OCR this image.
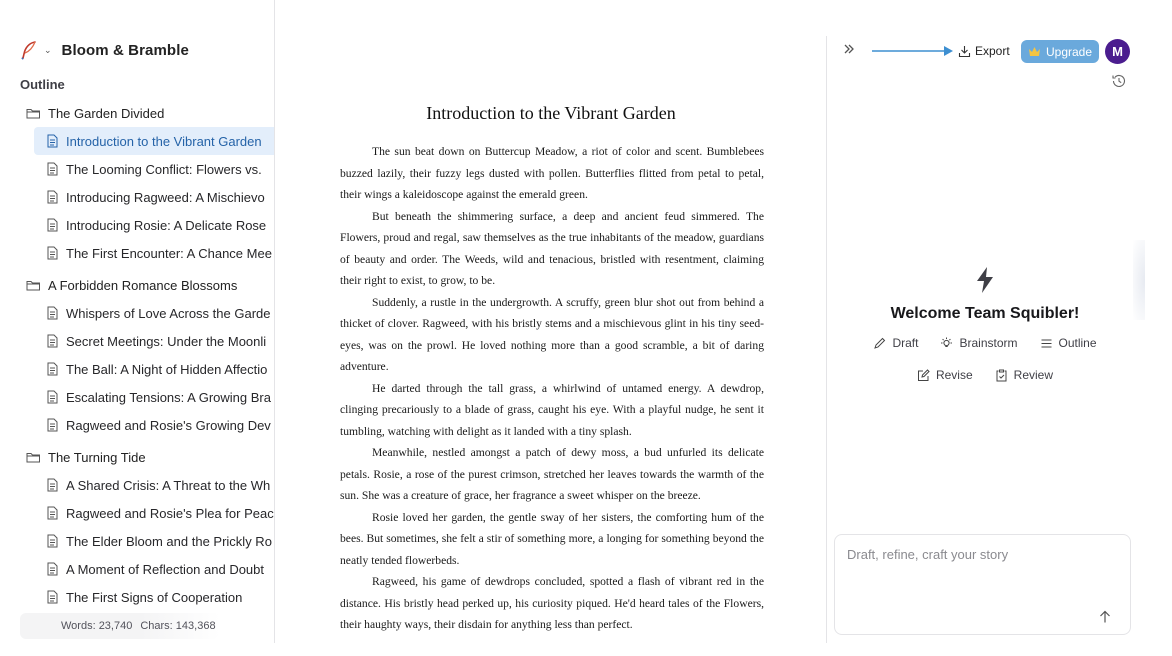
⌄ Bloom & Bramble
Outline
The Garden Divided
Introduction to the Vibrant Garden
The Looming Conflict: Flowers vs.
Introducing Ragweed: A Mischievo
Introducing Rosie: A Delicate Rose
The First Encounter: A Chance Mee
A Forbidden Romance Blossoms
Whispers of Love Across the Garde
Secret Meetings: Under the Moonli
The Ball: A Night of Hidden Affectio
Escalating Tensions: A Growing Bra
Ragweed and Rosie's Growing Dev
The Turning Tide
A Shared Crisis: A Threat to the Wh
Ragweed and Rosie's Plea for Peac
The Elder Bloom and the Prickly Ro
A Moment of Reflection and Doubt
The First Signs of Cooperation
Words: 23,740 Chars: 143,368
Introduction to the Vibrant Garden

The sun beat down on Buttercup Meadow, a riot of color and scent. Bumblebees buzzed lazily, their fuzzy legs dusted with pollen. Butterflies flitted from petal to petal, their wings a kaleidoscope against the emerald green.

But beneath the shimmering surface, a deep and ancient feud simmered. The Flowers, proud and regal, saw themselves as the true inhabitants of the meadow, guardians of beauty and order. The Weeds, wild and tenacious, bristled with resentment, claiming their right to exist, to grow, to be.

Suddenly, a rustle in the undergrowth. A scruffy, green blur shot out from behind a thicket of clover. Ragweed, with his bristly stems and a mischievous glint in his tiny seed-eyes, was on the prowl. He loved nothing more than a good scramble, a bit of daring adventure.

He darted through the tall grass, a whirlwind of untamed energy. A dewdrop, clinging precariously to a blade of grass, caught his eye. With a playful nudge, he sent it tumbling, watching with delight as it landed with a tiny splash.

Meanwhile, nestled amongst a patch of dewy moss, a bud unfurled its delicate petals. Rosie, a rose of the purest crimson, stretched her leaves towards the warmth of the sun. She was a creature of grace, her fragrance a sweet whisper on the breeze.

Rosie loved her garden, the gentle sway of her sisters, the comforting hum of the bees. But sometimes, she felt a stir of something more, a longing for something beyond the neatly tended flowerbeds.

Ragweed, his game of dewdrops concluded, spotted a flash of vibrant red in the distance. His bristly head perked up, his curiosity piqued. He'd heard tales of the Flowers, their haughty ways, their disdain for anything less than perfect.

Export	Upgrade	M
Welcome Team Squibler!
Draft	Brainstorm	Outline
Revise	Review
Draft, refine, craft your story
